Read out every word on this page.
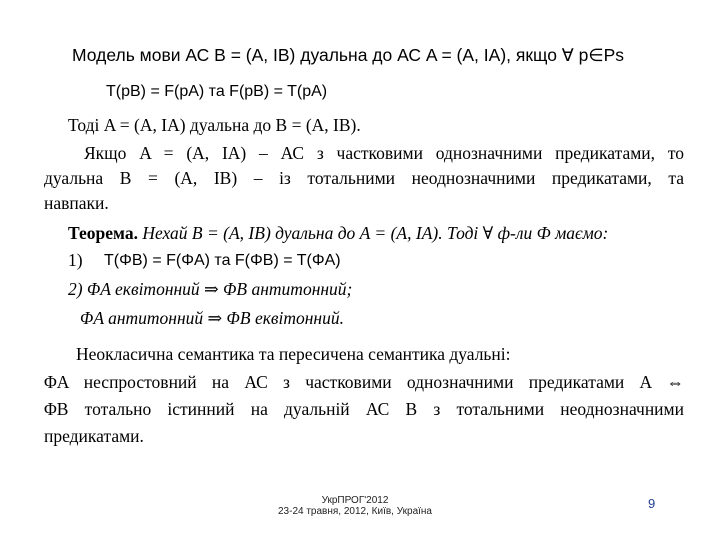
Модель мови АС B = (A, IB) дуальна до АС A = (A, IA), якщо ∀ p∈Ps
T(pB) = F(pA) та F(pB) = T(pA)
Тоді A = (A, IA) дуальна до B = (A, IB).
Якщо A = (A, IA) – АС з частковими однозначними предикатами, то
дуальна B = (A, IB) – із тотальними неоднозначними предикатами, та
навпаки.
Теорема. Нехай B = (A, IB) дуальна до A = (A, IA). Тоді ∀ ф-ли Ф маємо:
1) T(ΦB) = F(ΦA) та F(ΦB) = T(ΦA)
2) ΦA еквітонний ⇒ ΦB антитонний;
ΦA антитонний ⇒ ΦB еквітонний.
Неокласична семантика та пересичена семантика дуальні:
ΦA неспростовний на АС з частковими однозначними предикатами A ⇔
ΦB тотально істинний на дуальній АС B з тотальними неоднозначними
предикатами.
УкрПРОГ'2012
23-24 травня, 2012, Київ, Україна
9
